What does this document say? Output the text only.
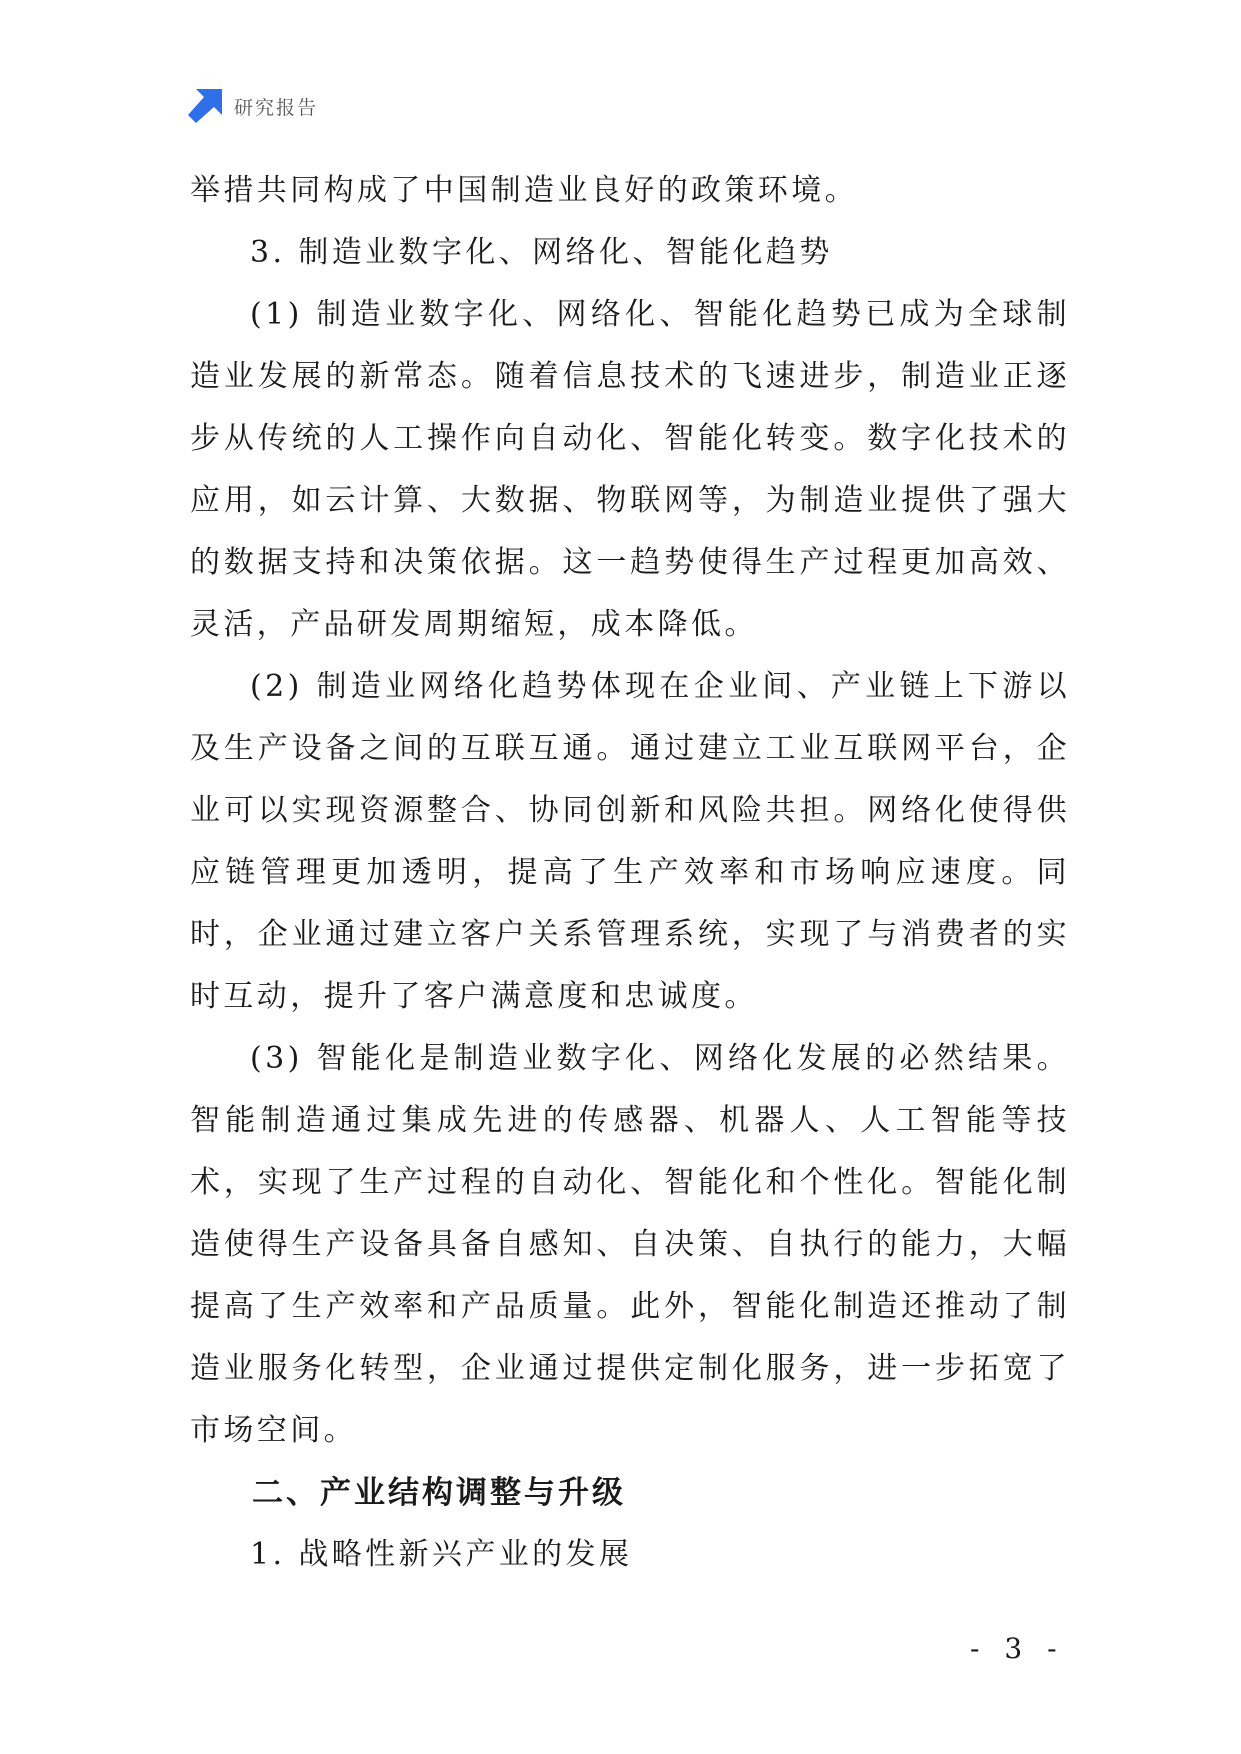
研究报告

举措共同构成了中国制造业良好的政策环境。

3. 制造业数字化、网络化、智能化趋势

(1) 制造业数字化、网络化、智能化趋势已成为全球制造业发展的新常态。随着信息技术的飞速进步，制造业正逐步从传统的人工操作向自动化、智能化转变。数字化技术的应用，如云计算、大数据、物联网等，为制造业提供了强大的数据支持和决策依据。这一趋势使得生产过程更加高效、灵活，产品研发周期缩短，成本降低。

(2) 制造业网络化趋势体现在企业间、产业链上下游以及生产设备之间的互联互通。通过建立工业互联网平台，企业可以实现资源整合、协同创新和风险共担。网络化使得供应链管理更加透明，提高了生产效率和市场响应速度。同时，企业通过建立客户关系管理系统，实现了与消费者的实时互动，提升了客户满意度和忠诚度。

(3) 智能化是制造业数字化、网络化发展的必然结果。智能制造通过集成先进的传感器、机器人、人工智能等技术，实现了生产过程的自动化、智能化和个性化。智能化制造使得生产设备具备自感知、自决策、自执行的能力，大幅提高了生产效率和产品质量。此外，智能化制造还推动了制造业服务化转型，企业通过提供定制化服务，进一步拓宽了市场空间。

二、产业结构调整与升级

1. 战略性新兴产业的发展

- 3 -
